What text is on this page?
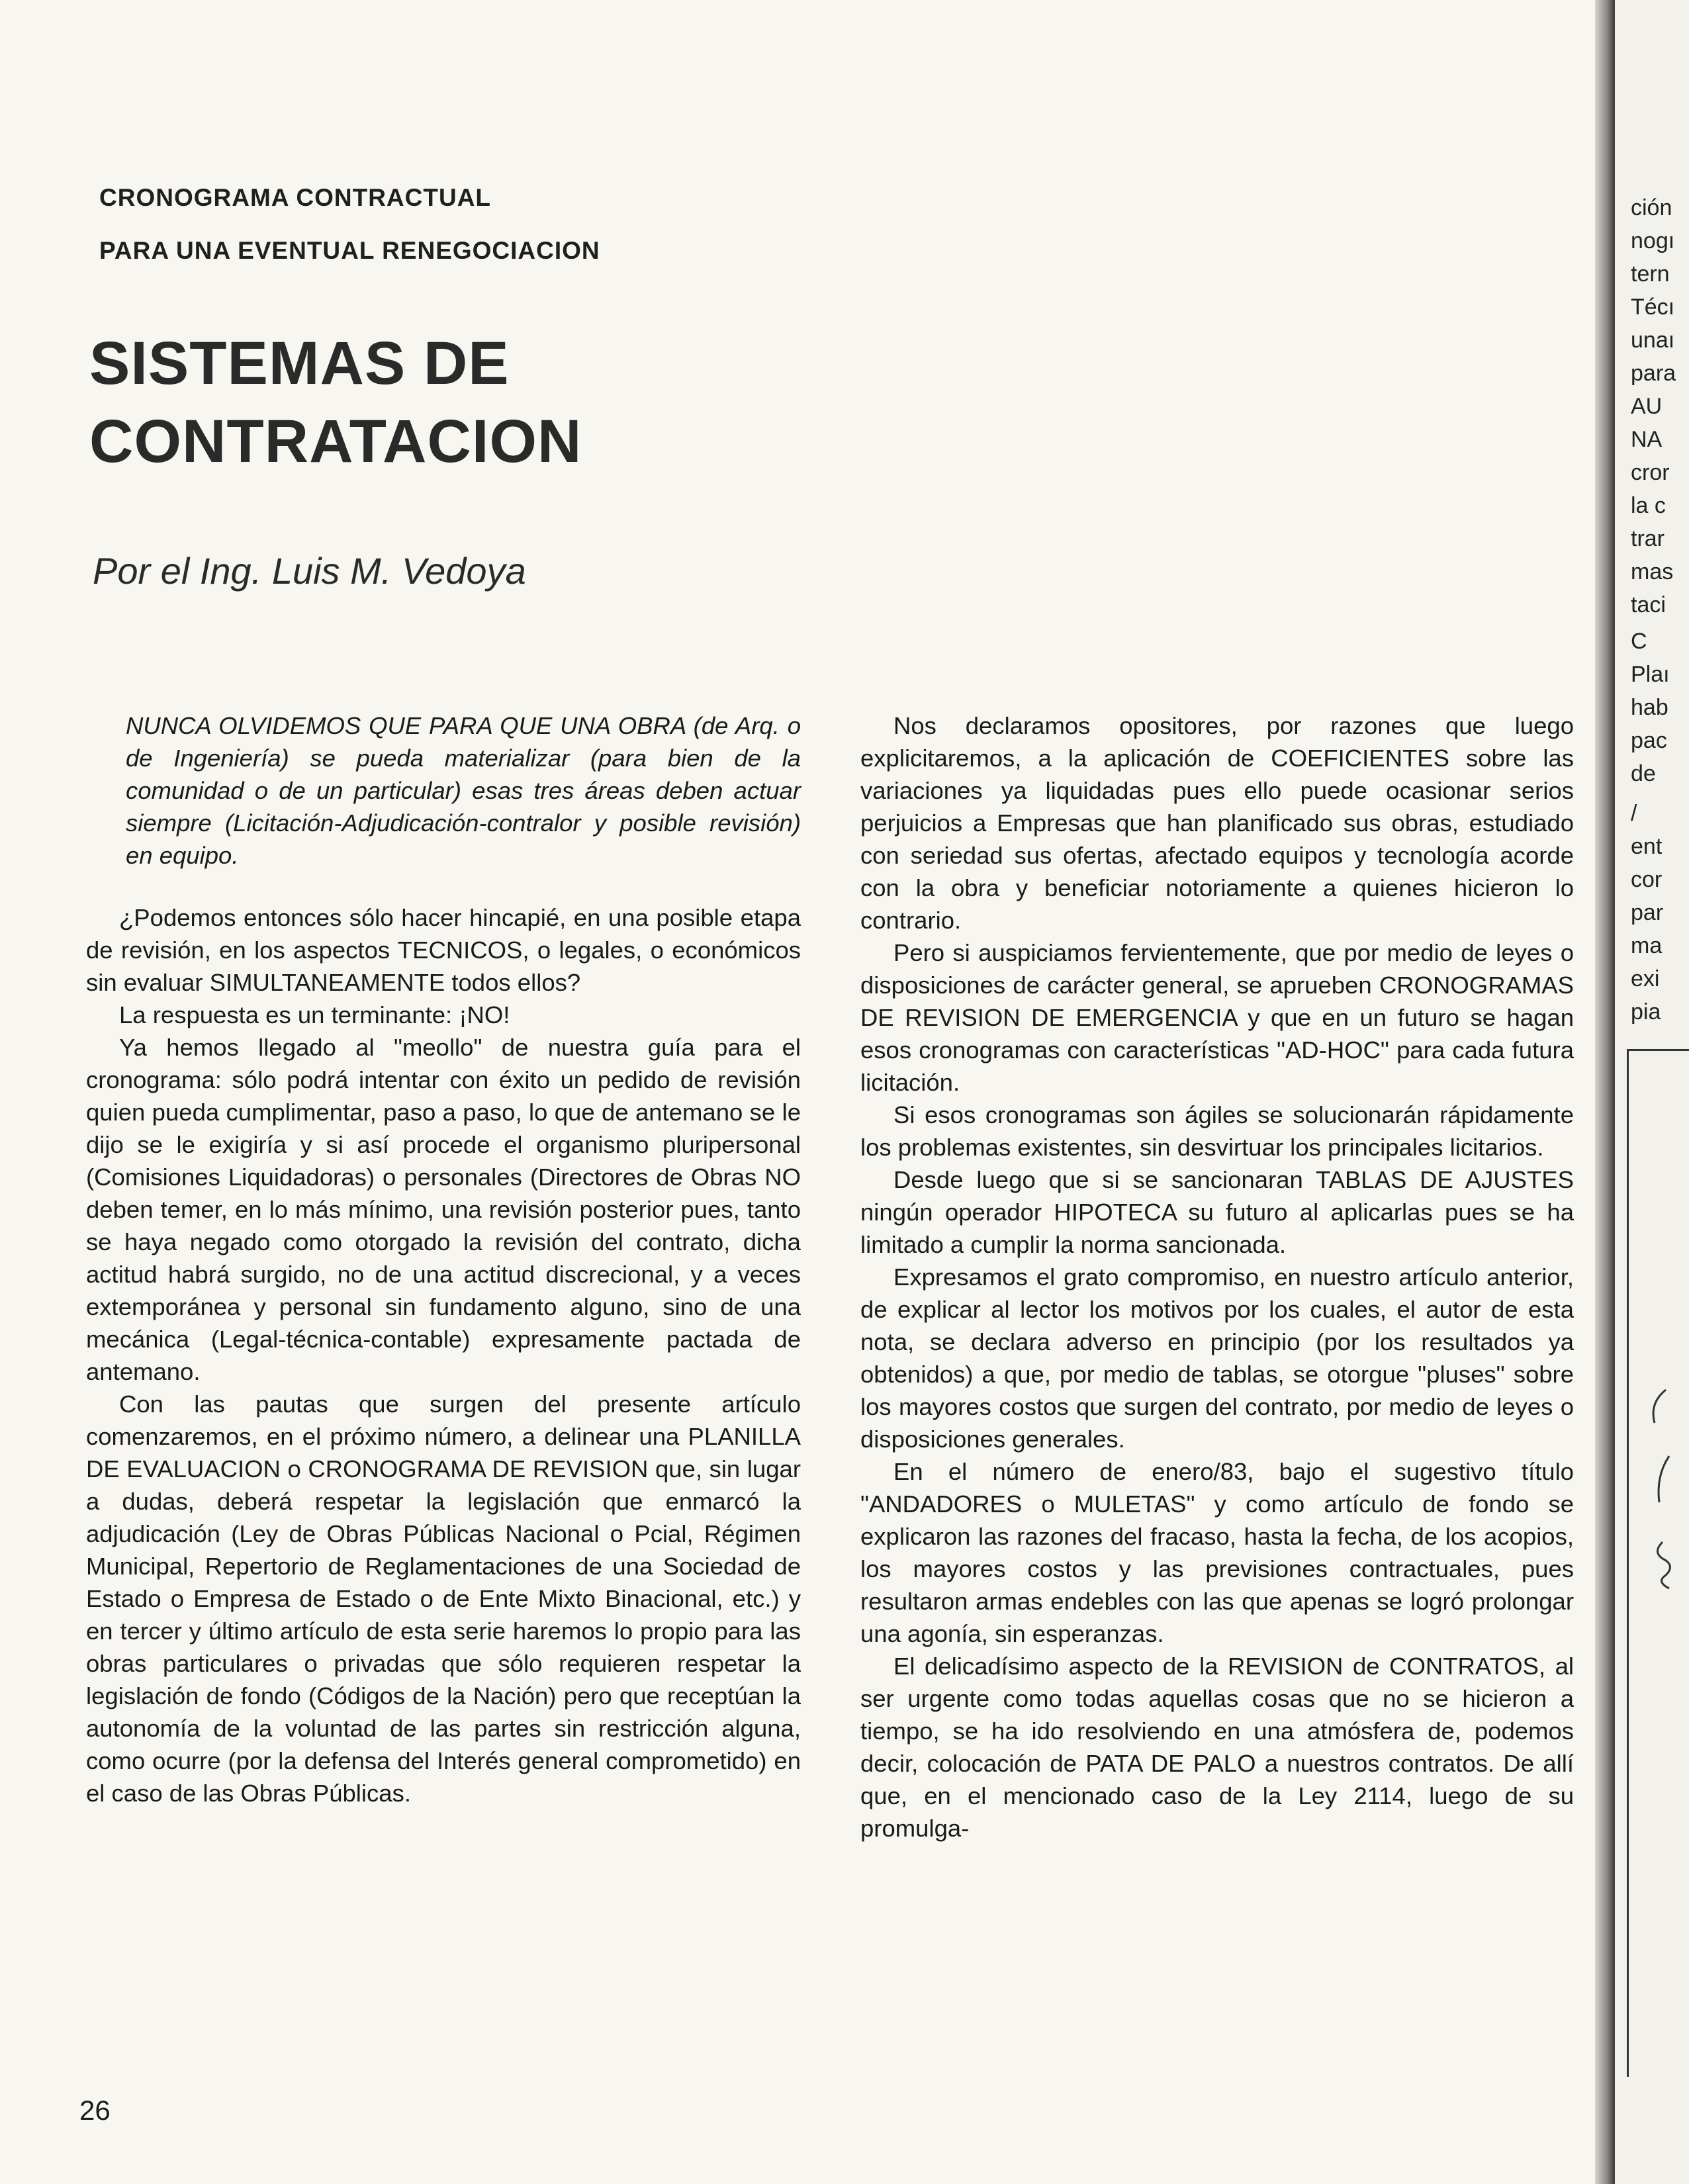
CRONOGRAMA CONTRACTUAL
PARA UNA EVENTUAL RENEGOCIACION
SISTEMAS DE
CONTRATACION
Por el Ing. Luis M. Vedoya

NUNCA OLVIDEMOS QUE PARA QUE UNA OBRA (de Arq. o de Ingeniería) se pueda materializar (para bien de la comunidad o de un particular) esas tres áreas deben actuar siempre (Licitación-Adjudicación-contralor y posible revisión) en equipo.

¿Podemos entonces sólo hacer hincapié, en una posible etapa de revisión, en los aspectos TECNICOS, o legales, o económicos sin evaluar SIMULTANEAMENTE todos ellos?

La respuesta es un terminante: ¡NO!

Ya hemos llegado al "meollo" de nuestra guía para el cronograma: sólo podrá intentar con éxito un pedido de revisión quien pueda cumplimentar, paso a paso, lo que de antemano se le dijo se le exigiría y si así procede el organismo pluripersonal (Comisiones Liquidadoras) o personales (Directores de Obras NO deben temer, en lo más mínimo, una revisión posterior pues, tanto se haya negado como otorgado la revisión del contrato, dicha actitud habrá surgido, no de una actitud discrecional, y a veces extemporánea y personal sin fundamento alguno, sino de una mecánica (Legal-técnica-contable) expresamente pactada de antemano.

Con las pautas que surgen del presente artículo comenzaremos, en el próximo número, a delinear una PLANILLA DE EVALUACION o CRONOGRAMA DE REVISION que, sin lugar a dudas, deberá respetar la legislación que enmarcó la adjudicación (Ley de Obras Públicas Nacional o Pcial, Régimen Municipal, Repertorio de Reglamentaciones de una Sociedad de Estado o Empresa de Estado o de Ente Mixto Binacional, etc.) y en tercer y último artículo de esta serie haremos lo propio para las obras particulares o privadas que sólo requieren respetar la legislación de fondo (Códigos de la Nación) pero que receptúan la autonomía de la voluntad de las partes sin restricción alguna, como ocurre (por la defensa del Interés general comprometido) en el caso de las Obras Públicas.

Nos declaramos opositores, por razones que luego explicitaremos, a la aplicación de COEFICIENTES sobre las variaciones ya liquidadas pues ello puede ocasionar serios perjuicios a Empresas que han planificado sus obras, estudiado con seriedad sus ofertas, afectado equipos y tecnología acorde con la obra y beneficiar notoriamente a quienes hicieron lo contrario.

Pero si auspiciamos fervientemente, que por medio de leyes o disposiciones de carácter general, se aprueben CRONOGRAMAS DE REVISION DE EMERGENCIA y que en un futuro se hagan esos cronogramas con características "AD-HOC" para cada futura licitación.

Si esos cronogramas son ágiles se solucionarán rápidamente los problemas existentes, sin desvirtuar los principales licitarios.

Desde luego que si se sancionaran TABLAS DE AJUSTES ningún operador HIPOTECA su futuro al aplicarlas pues se ha limitado a cumplir la norma sancionada.

Expresamos el grato compromiso, en nuestro artículo anterior, de explicar al lector los motivos por los cuales, el autor de esta nota, se declara adverso en principio (por los resultados ya obtenidos) a que, por medio de tablas, se otorgue "pluses" sobre los mayores costos que surgen del contrato, por medio de leyes o disposiciones generales.

En el número de enero/83, bajo el sugestivo título "ANDADORES o MULETAS" y como artículo de fondo se explicaron las razones del fracaso, hasta la fecha, de los acopios, los mayores costos y las previsiones contractuales, pues resultaron armas endebles con las que apenas se logró prolongar una agonía, sin esperanzas.

El delicadísimo aspecto de la REVISION de CONTRATOS, al ser urgente como todas aquellas cosas que no se hicieron a tiempo, se ha ido resolviendo en una atmósfera de, podemos decir, colocación de PATA DE PALO a nuestros contratos. De allí que, en el mencionado caso de la Ley 2114, luego de su promulga-

26
ción
nogı
tern
Técı
unaı
para
AU
NA
cror
la c
trar
mas
taci
C
Plaı
hab
pac
de
/
ent
cor
par
ma
exi
pia
